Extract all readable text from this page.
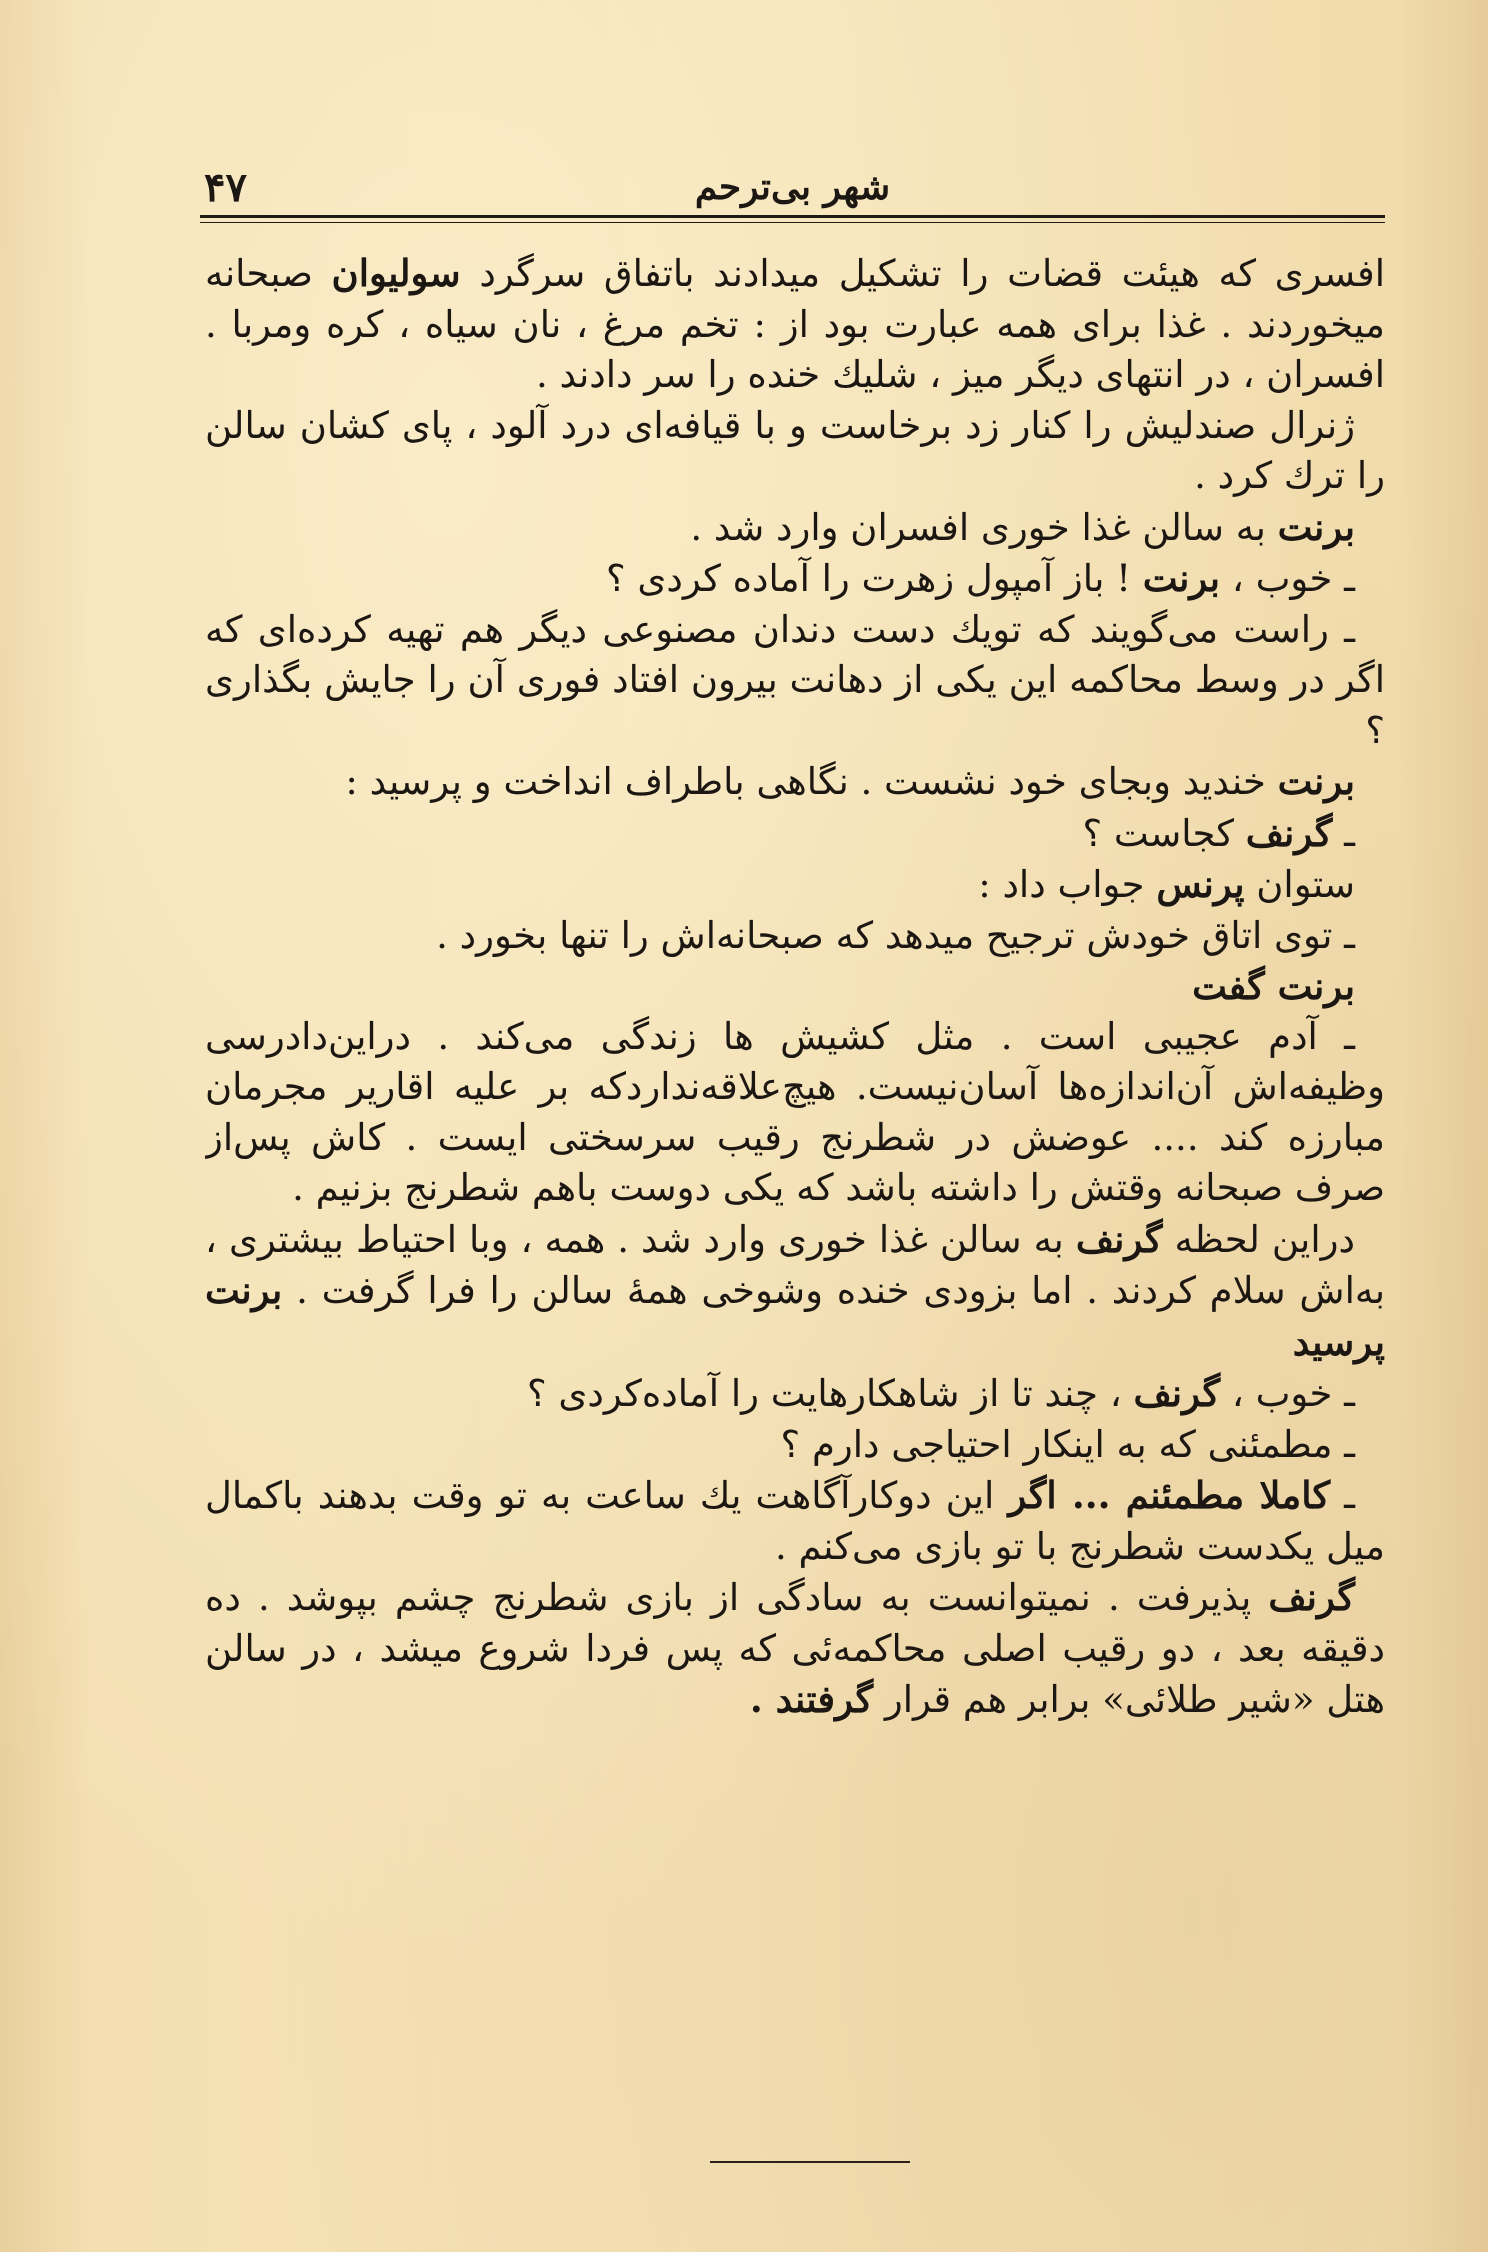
شهر بی‌ترحم
۴۷

افسری که هیئت قضات را تشکیل میدادند باتفاق سرگرد سولیوان صبحانه میخوردند . غذا برای همه عبارت بود از : تخم مرغ ، نان سیاه ، کره ومربا . افسران ، در انتهای دیگر میز ، شلیك خنده را سر دادند .

ژنرال صندلیش را کنار زد برخاست و با قیافه‌ای درد آلود ، پای کشان سالن را ترك کرد .

برنت به سالن غذا خوری افسران وارد شد .

ـ خوب ، برنت ! باز آمپول زهرت را آماده کردی ؟

ـ راست می‌گویند که تویك دست دندان مصنوعی دیگر هم تهیه کرده‌ای که اگر در وسط محاکمه این یکی از دهانت بیرون افتاد فوری آن را جایش بگذاری ؟

برنت خندید وبجای خود نشست . نگاهی باطراف انداخت و پرسید :

ـ گرنف کجاست ؟

ستوان پرنس جواب داد :

ـ توی اتاق خودش ترجیح میدهد که صبحانه‌اش را تنها بخورد .

برنت گفت

ـ آدم عجیبی است . مثل کشیش ها زندگی می‌کند . دراین‌دادرسی وظیفه‌اش آن‌اندازه‌ها آسان‌نیست. هیچ‌علاقه‌ندارد‌که بر علیه اقاریر مجرمان مبارزه کند .... عوضش در شطرنج رقیب سرسختی ایست . کاش پس‌از صرف صبحانه وقتش را داشته باشد که یکی دوست باهم شطرنج بزنیم .

دراین لحظه گرنف به سالن غذا خوری وارد شد . همه ، وبا احتیاط بیشتری ، به‌اش سلام کردند . اما بزودی خنده وشوخی همهٔ سالن را فرا گرفت . برنت پرسید

ـ خوب ، گرنف ، چند تا از شاهکارهایت را آماده‌کردی ؟

ـ مطمئنی که به اینکار احتیاجی دارم ؟

ـ کاملا مطمئنم ... اگر این دوکارآگاهت یك ساعت به تو وقت بدهند باکمال میل یکدست شطرنج با تو بازی می‌کنم .

گرنف پذیرفت . نمیتوانست به سادگی از بازی شطرنج چشم بپوشد . ده دقیقه بعد ، دو رقیب اصلی محاکمه‌ئی که پس فردا شروع میشد ، در سالن هتل «شیر طلائی» برابر هم قرار گرفتند .
